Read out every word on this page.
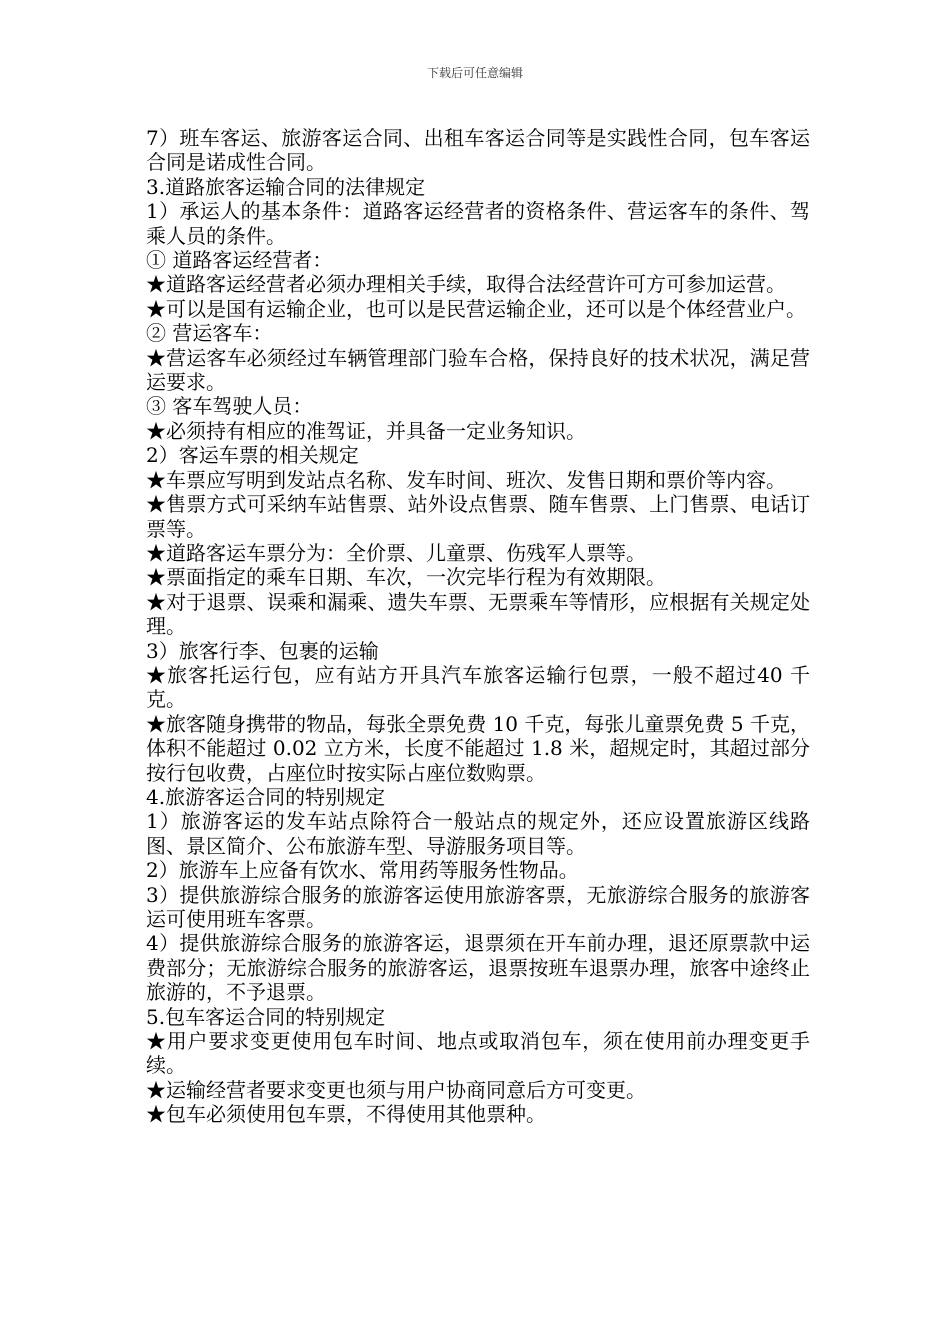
下载后可任意编辑

7）班车客运、旅游客运合同、出租车客运合同等是实践性合同，包车客运合同是诺成性合同。

3.道路旅客运输合同的法律规定

1）承运人的基本条件：道路客运经营者的资格条件、营运客车的条件、驾乘人员的条件。

① 道路客运经营者：

★道路客运经营者必须办理相关手续，取得合法经营许可方可参加运营。

★可以是国有运输企业，也可以是民营运输企业，还可以是个体经营业户。

② 营运客车：

★营运客车必须经过车辆管理部门验车合格，保持良好的技术状况，满足营运要求。

③ 客车驾驶人员：

★必须持有相应的准驾证，并具备一定业务知识。

2）客运车票的相关规定

★车票应写明到发站点名称、发车时间、班次、发售日期和票价等内容。

★售票方式可采纳车站售票、站外设点售票、随车售票、上门售票、电话订票等。

★道路客运车票分为：全价票、儿童票、伤残军人票等。

★票面指定的乘车日期、车次，一次完毕行程为有效期限。

★对于退票、误乘和漏乘、遗失车票、无票乘车等情形，应根据有关规定处理。

3）旅客行李、包裹的运输

★旅客托运行包，应有站方开具汽车旅客运输行包票，一般不超过40 千克。

★旅客随身携带的物品，每张全票免费 10 千克，每张儿童票免费 5 千克，体积不能超过 0.02 立方米，长度不能超过 1.8 米，超规定时，其超过部分按行包收费，占座位时按实际占座位数购票。

4.旅游客运合同的特别规定

1）旅游客运的发车站点除符合一般站点的规定外，还应设置旅游区线路图、景区简介、公布旅游车型、导游服务项目等。

2）旅游车上应备有饮水、常用药等服务性物品。

3）提供旅游综合服务的旅游客运使用旅游客票，无旅游综合服务的旅游客运可使用班车客票。

4）提供旅游综合服务的旅游客运，退票须在开车前办理，退还原票款中运费部分；无旅游综合服务的旅游客运，退票按班车退票办理，旅客中途终止旅游的，不予退票。

5.包车客运合同的特别规定

★用户要求变更使用包车时间、地点或取消包车，须在使用前办理变更手续。

★运输经营者要求变更也须与用户协商同意后方可变更。

★包车必须使用包车票，不得使用其他票种。
